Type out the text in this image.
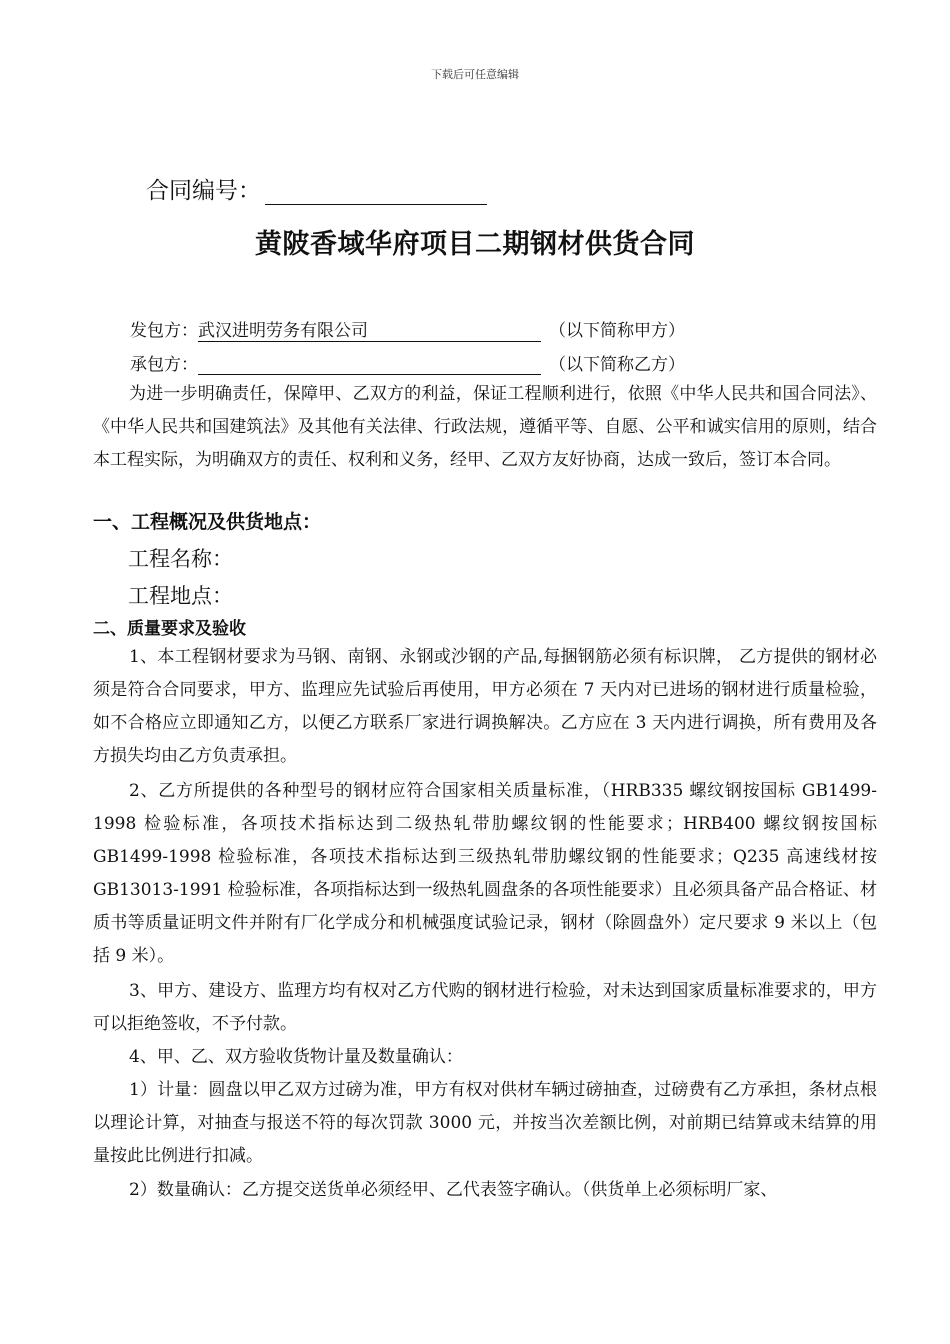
下载后可任意编辑
合同编号：
黄陂香域华府项目二期钢材供货合同
发包方：武汉进明劳务有限公司	（以下简称甲方）
承包方：	（以下简称乙方）
为进一步明确责任，保障甲、乙双方的利益，保证工程顺利进行，依照《中华人民共和国合同法》、《中华人民共和国建筑法》及其他有关法律、行政法规，遵循平等、自愿、公平和诚实信用的原则，结合本工程实际，为明确双方的责任、权利和义务，经甲、乙双方友好协商，达成一致后，签订本合同。
一、工程概况及供货地点：
工程名称：
工程地点：
二、质量要求及验收
1、本工程钢材要求为马钢、南钢、永钢或沙钢的产品,每捆钢筋必须有标识牌， 乙方提供的钢材必须是符合合同要求，甲方、监理应先试验后再使用，甲方必须在 7 天内对已进场的钢材进行质量检验，如不合格应立即通知乙方，以便乙方联系厂家进行调换解决。乙方应在 3 天内进行调换，所有费用及各方损失均由乙方负责承担。
2、乙方所提供的各种型号的钢材应符合国家相关质量标准，（HRB335 螺纹钢按国标 GB1499-1998 检验标准，各项技术指标达到二级热轧带肋螺纹钢的性能要求；HRB400 螺纹钢按国标 GB1499-1998 检验标准，各项技术指标达到三级热轧带肋螺纹钢的性能要求；Q235 高速线材按 GB13013-1991 检验标准，各项指标达到一级热轧圆盘条的各项性能要求）且必须具备产品合格证、材质书等质量证明文件并附有厂化学成分和机械强度试验记录，钢材（除圆盘外）定尺要求 9 米以上（包括 9 米）。
3、甲方、建设方、监理方均有权对乙方代购的钢材进行检验，对未达到国家质量标准要求的，甲方可以拒绝签收，不予付款。
4、甲、乙、双方验收货物计量及数量确认：
1）计量：圆盘以甲乙双方过磅为准，甲方有权对供材车辆过磅抽查，过磅费有乙方承担，条材点根以理论计算，对抽查与报送不符的每次罚款 3000 元，并按当次差额比例，对前期已结算或未结算的用量按此比例进行扣减。
2）数量确认：乙方提交送货单必须经甲、乙代表签字确认。（供货单上必须标明厂家、
